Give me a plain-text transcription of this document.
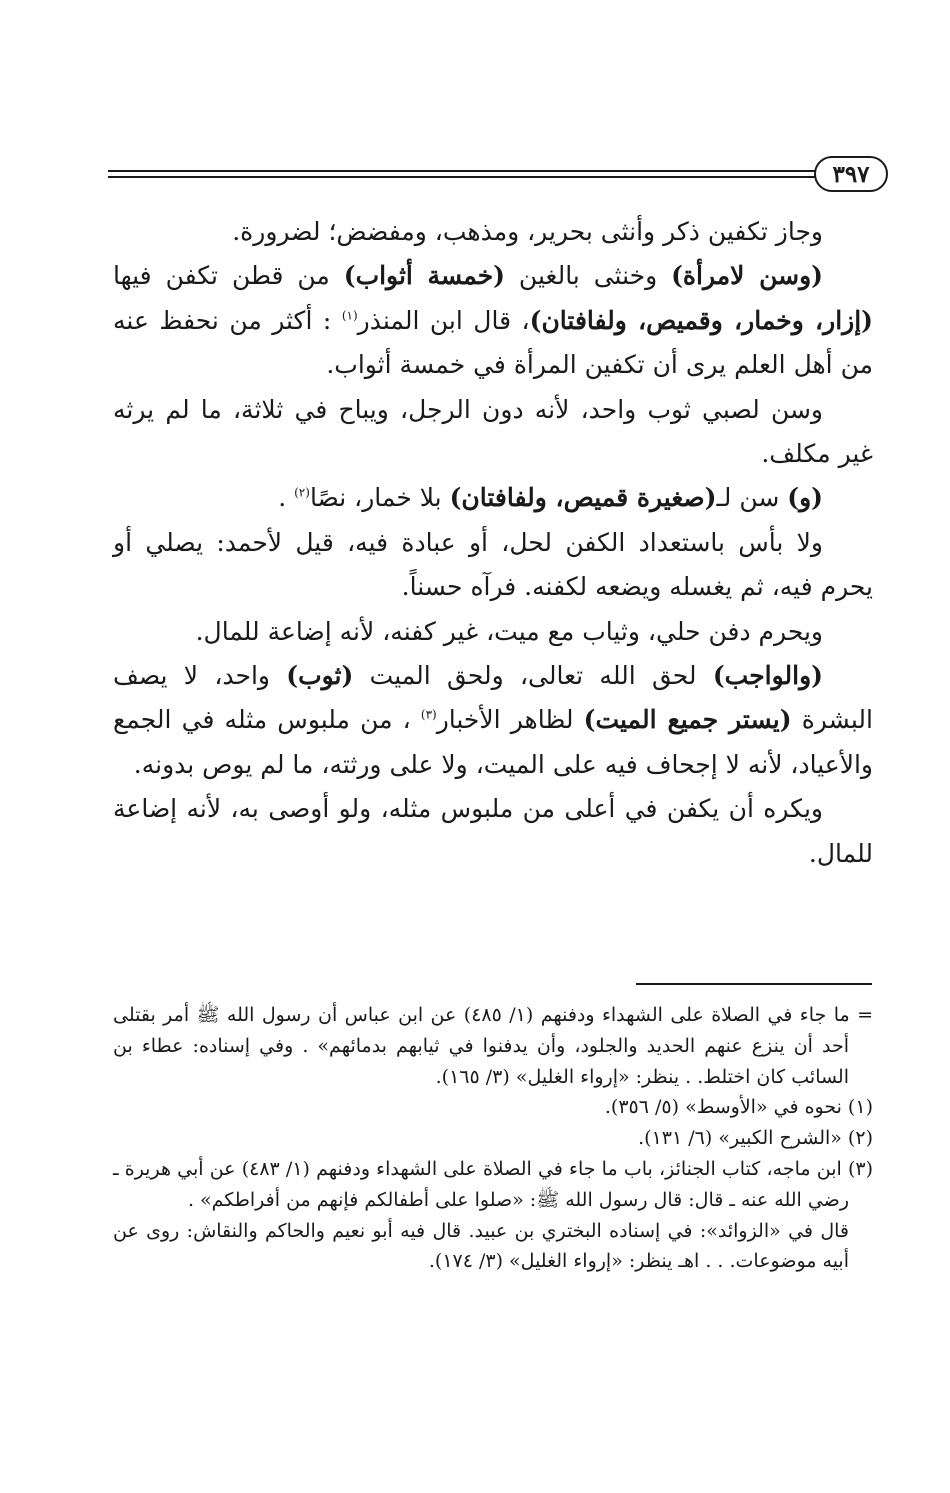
٣٩٧

وجاز تكفين ذكر وأنثى بحرير، ومذهب، ومفضض؛ لضرورة.

(وسن لامرأة) وخنثى بالغين (خمسة أثواب) من قطن تكفن فيها (إزار، وخمار، وقميص، ولفافتان)، قال ابن المنذر$^{(١)}$ : أكثر من نحفظ عنه من أهل العلم يرى أن تكفين المرأة في خمسة أثواب.

وسن لصبي ثوب واحد، لأنه دون الرجل، ويباح في ثلاثة، ما لم يرثه غير مكلف.

(و) سن لـ(صغيرة قميص، ولفافتان) بلا خمار، نصًا$^{(٢)}$ .

ولا بأس باستعداد الكفن لحل، أو عبادة فيه، قيل لأحمد: يصلي أو يحرم فيه، ثم يغسله ويضعه لكفنه. فرآه حسناً.

ويحرم دفن حلي، وثياب مع ميت، غير كفنه، لأنه إضاعة للمال.

(والواجب) لحق الله تعالى، ولحق الميت (ثوب) واحد، لا يصف البشرة (يستر جميع الميت) لظاهر الأخبار$^{(٣)}$ ، من ملبوس مثله في الجمع والأعياد، لأنه لا إجحاف فيه على الميت، ولا على ورثته، ما لم يوص بدونه.

ويكره أن يكفن في أعلى من ملبوس مثله، ولو أوصى به، لأنه إضاعة للمال.

= ما جاء في الصلاة على الشهداء ودفنهم (١/ ٤٨٥) عن ابن عباس أن رسول الله ﷺ أمر بقتلى أحد أن ينزع عنهم الحديد والجلود، وأن يدفنوا في ثيابهم بدمائهم» . وفي إسناده: عطاء بن السائب كان اختلط. . ينظر: «إرواء الغليل» (٣/ ١٦٥).

(١) نحوه في «الأوسط» (٥/ ٣٥٦).

(٢) «الشرح الكبير» (٦/ ١٣١).

(٣) ابن ماجه، كتاب الجنائز، باب ما جاء في الصلاة على الشهداء ودفنهم (١/ ٤٨٣) عن أبي هريرة ـ رضي الله عنه ـ قال: قال رسول الله ﷺ: «صلوا على أطفالكم فإنهم من أفراطكم» .

قال في «الزوائد»: في إسناده البختري بن عبيد. قال فيه أبو نعيم والحاكم والنقاش: روى عن أبيه موضوعات. . . اهـ ينظر: «إرواء الغليل» (٣/ ١٧٤).
